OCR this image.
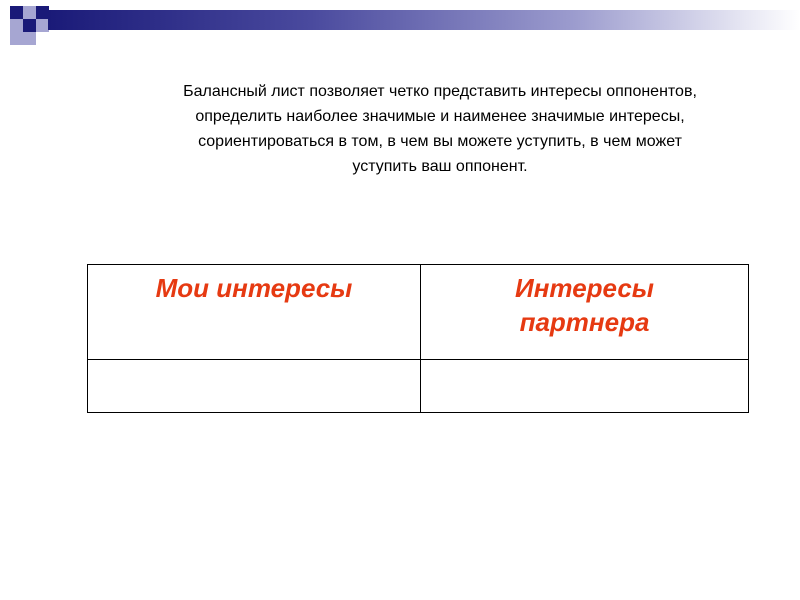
Балансный лист позволяет четко представить интересы оппонентов,
определить наиболее значимые и наименее значимые интересы,
сориентироваться в том, в чем вы можете уступить, в чем может
уступить ваш оппонент.
Мои интересы	Интересы
партнера
